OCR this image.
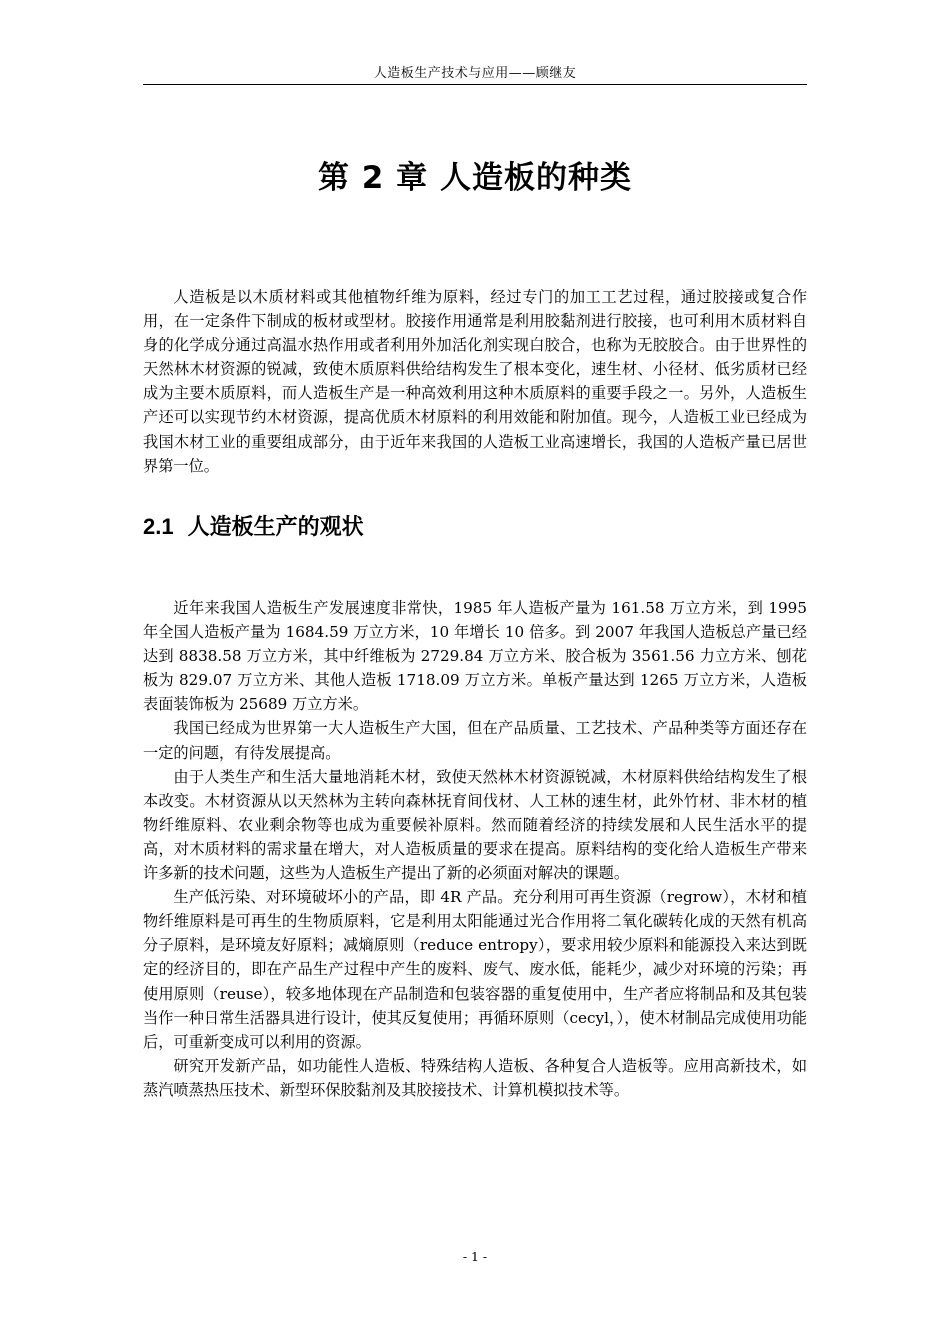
人造板生产技术与应用——顾继友
第 2 章 人造板的种类

人造板是以木质材料或其他植物纤维为原料，经过专门的加工工艺过程，通过胶接或复合作用，在一定条件下制成的板材或型材。胶接作用通常是利用胶黏剂进行胶接，也可利用木质材料自身的化学成分通过高温水热作用或者利用外加活化剂实现白胶合，也称为无胶胶合。由于世界性的天然林木材资源的锐减，致使木质原料供给结构发生了根本变化，速生材、小径材、低劣质材已经成为主要木质原料，而人造板生产是一种高效利用这种木质原料的重要手段之一。另外，人造板生产还可以实现节约木材资源，提高优质木材原料的利用效能和附加值。现今，人造板工业已经成为我国木材工业的重要组成部分，由于近年来我国的人造板工业高速增长，我国的人造板产量已居世界第一位。

2.1 人造板生产的观状

近年来我国人造板生产发展速度非常快，1985 年人造板产量为 161.58 万立方米，到 1995 年全国人造板产量为 1684.59 万立方米，10 年增长 10 倍多。到 2007 年我国人造板总产量已经达到 8838.58 万立方米，其中纤维板为 2729.84 万立方米、胶合板为 3561.56 力立方米、刨花板为 829.07 万立方米、其他人造板 1718.09 万立方米。单板产量达到 1265 万立方米，人造板表面装饰板为 25689 万立方米。

我国已经成为世界第一大人造板生产大国，但在产品质量、工艺技术、产品种类等方面还存在一定的问题，有待发展提高。

由于人类生产和生活大量地消耗木材，致使天然林木材资源锐减，木材原料供给结构发生了根本改变。木材资源从以天然林为主转向森林抚育间伐材、人工林的速生材，此外竹材、非木材的植物纤维原料、农业剩余物等也成为重要候补原料。然而随着经济的持续发展和人民生活水平的提高，对木质材料的需求量在增大，对人造板质量的要求在提高。原料结构的变化给人造板生产带来许多新的技术问题，这些为人造板生产提出了新的必须面对解决的课题。

生产低污染、对环境破坏小的产品，即 4R 产品。充分利用可再生资源（regrow），木材和植物纤维原料是可再生的生物质原料，它是利用太阳能通过光合作用将二氧化碳转化成的天然有机高分子原料，是环境友好原料；减熵原则（reduce entropy），要求用较少原料和能源投入来达到既定的经济目的，即在产品生产过程中产生的废料、废气、废水低，能耗少，减少对环境的污染；再使用原则（reuse），较多地体现在产品制造和包装容器的重复使用中，生产者应将制品和及其包装当作一种日常生活器具进行设计，使其反复使用；再循环原则（cecyl，），使木材制品完成使用功能后，可重新变成可以利用的资源。

研究开发新产品，如功能性人造板、特殊结构人造板、各种复合人造板等。应用高新技术，如蒸汽喷蒸热压技术、新型环保胶黏剂及其胶接技术、计算机模拟技术等。

- 1 -
